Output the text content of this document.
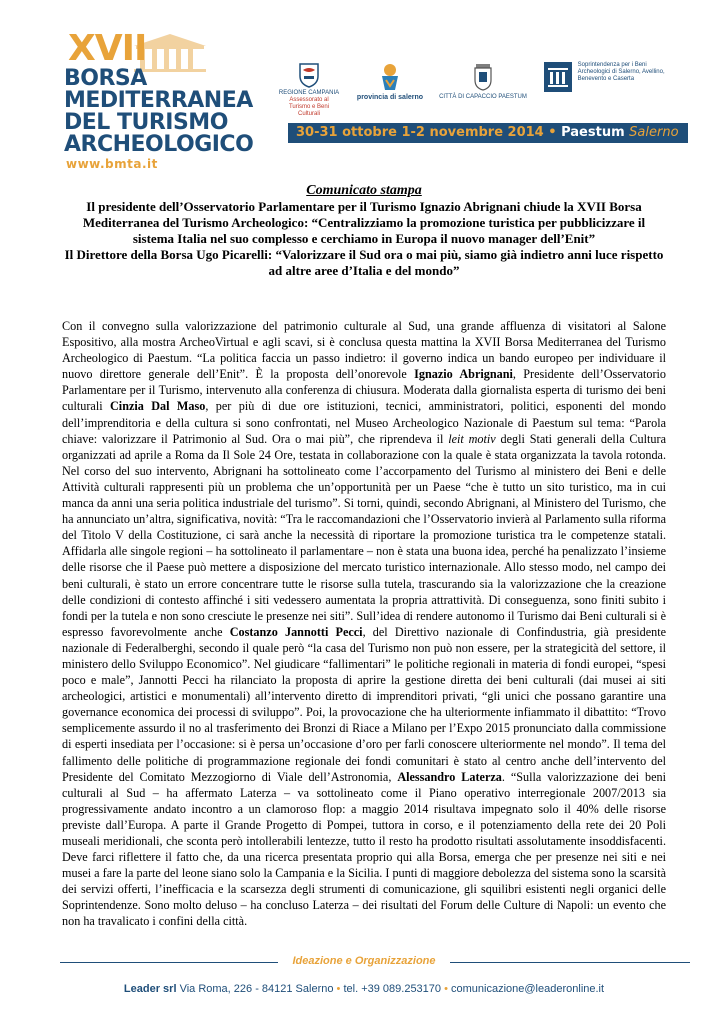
XVII
BORSA
MEDITERRANEA
DEL TURISMO
ARCHEOLOGICO
www.bmta.it
REGIONE CAMPANIA
Assessorato al Turismo e Beni Culturali
provincia di salerno	CITTÀ DI CAPACCIO PAESTUM
Soprintendenza per i Beni Archeologici di Salerno, Avellino, Benevento e Caserta
30-31 ottobre 1-2 novembre 2014 • Paestum Salerno
Comunicato stampa
Il presidente dell’Osservatorio Parlamentare per il Turismo Ignazio Abrignani chiude la XVII Borsa Mediterranea del Turismo Archeologico: “Centralizziamo la promozione turistica per pubblicizzare il sistema Italia nel suo complesso e cerchiamo in Europa il nuovo manager dell’Enit”
Il Direttore della Borsa Ugo Picarelli: “Valorizzare il Sud ora o mai più, siamo già indietro anni luce rispetto ad altre aree d’Italia e del mondo”
Con il convegno sulla valorizzazione del patrimonio culturale al Sud, una grande affluenza di visitatori al Salone Espositivo, alla mostra ArcheoVirtual e agli scavi, si è conclusa questa mattina la XVII Borsa Mediterranea del Turismo Archeologico di Paestum. “La politica faccia un passo indietro: il governo indica un bando europeo per individuare il nuovo direttore generale dell’Enit”. È la proposta dell’onorevole Ignazio Abrignani, Presidente dell’Osservatorio Parlamentare per il Turismo, intervenuto alla conferenza di chiusura. Moderata dalla giornalista esperta di turismo dei beni culturali Cinzia Dal Maso, per più di due ore istituzioni, tecnici, amministratori, politici, esponenti del mondo dell’imprenditoria e della cultura si sono confrontati, nel Museo Archeologico Nazionale di Paestum sul tema: “Parola chiave: valorizzare il Patrimonio al Sud. Ora o mai più”, che riprendeva il leit motiv degli Stati generali della Cultura organizzati ad aprile a Roma da Il Sole 24 Ore, testata in collaborazione con la quale è stata organizzata la tavola rotonda. Nel corso del suo intervento, Abrignani ha sottolineato come l’accorpamento del Turismo al ministero dei Beni e delle Attività culturali rappresenti più un problema che un’opportunità per un Paese “che è tutto un sito turistico, ma in cui manca da anni una seria politica industriale del turismo”. Si torni, quindi, secondo Abrignani, al Ministero del Turismo, che ha annunciato un’altra, significativa, novità: “Tra le raccomandazioni che l’Osservatorio invierà al Parlamento sulla riforma del Titolo V della Costituzione, ci sarà anche la necessità di riportare la promozione turistica tra le competenze statali. Affidarla alle singole regioni – ha sottolineato il parlamentare – non è stata una buona idea, perché ha penalizzato l’insieme delle risorse che il Paese può mettere a disposizione del mercato turistico internazionale. Allo stesso modo, nel campo dei beni culturali, è stato un errore concentrare tutte le risorse sulla tutela, trascurando sia la valorizzazione che la creazione delle condizioni di contesto affinché i siti vedessero aumentata la propria attrattività. Di conseguenza, sono finiti subito i fondi per la tutela e non sono cresciute le presenze nei siti”. Sull’idea di rendere autonomo il Turismo dai Beni culturali si è espresso favorevolmente anche Costanzo Jannotti Pecci, del Direttivo nazionale di Confindustria, già presidente nazionale di Federalberghi, secondo il quale però “la casa del Turismo non può non essere, per la strategicità del settore, il ministero dello Sviluppo Economico”. Nel giudicare “fallimentari” le politiche regionali in materia di fondi europei, “spesi poco e male”, Jannotti Pecci ha rilanciato la proposta di aprire la gestione diretta dei beni culturali (dai musei ai siti archeologici, artistici e monumentali) all’intervento diretto di imprenditori privati, “gli unici che possano garantire una governance economica dei processi di sviluppo”. Poi, la provocazione che ha ulteriormente infiammato il dibattito: “Trovo semplicemente assurdo il no al trasferimento dei Bronzi di Riace a Milano per l’Expo 2015 pronunciato dalla commissione di esperti insediata per l’occasione: si è persa un’occasione d’oro per farli conoscere ulteriormente nel mondo”. Il tema del fallimento delle politiche di programmazione regionale dei fondi comunitari è stato al centro anche dell’intervento del Presidente del Comitato Mezzogiorno di Viale dell’Astronomia, Alessandro Laterza. “Sulla valorizzazione dei beni culturali al Sud – ha affermato Laterza – va sottolineato come il Piano operativo interregionale 2007/2013 sia progressivamente andato incontro a un clamoroso flop: a maggio 2014 risultava impegnato solo il 40% delle risorse previste dall’Europa. A parte il Grande Progetto di Pompei, tuttora in corso, e il potenziamento della rete dei 20 Poli museali meridionali, che sconta però intollerabili lentezze, tutto il resto ha prodotto risultati assolutamente insoddisfacenti. Deve farci riflettere il fatto che, da una ricerca presentata proprio qui alla Borsa, emerga che per presenze nei siti e nei musei a fare la parte del leone siano solo la Campania e la Sicilia. I punti di maggiore debolezza del sistema sono la scarsità dei servizi offerti, l’inefficacia e la scarsezza degli strumenti di comunicazione, gli squilibri esistenti negli organici delle Soprintendenze. Sono molto deluso – ha concluso Laterza – dei risultati del Forum delle Culture di Napoli: un evento che non ha travalicato i confini della città.
Ideazione e Organizzazione
Leader srl Via Roma, 226 - 84121 Salerno • tel. +39 089.253170 • comunicazione@leaderonline.it
